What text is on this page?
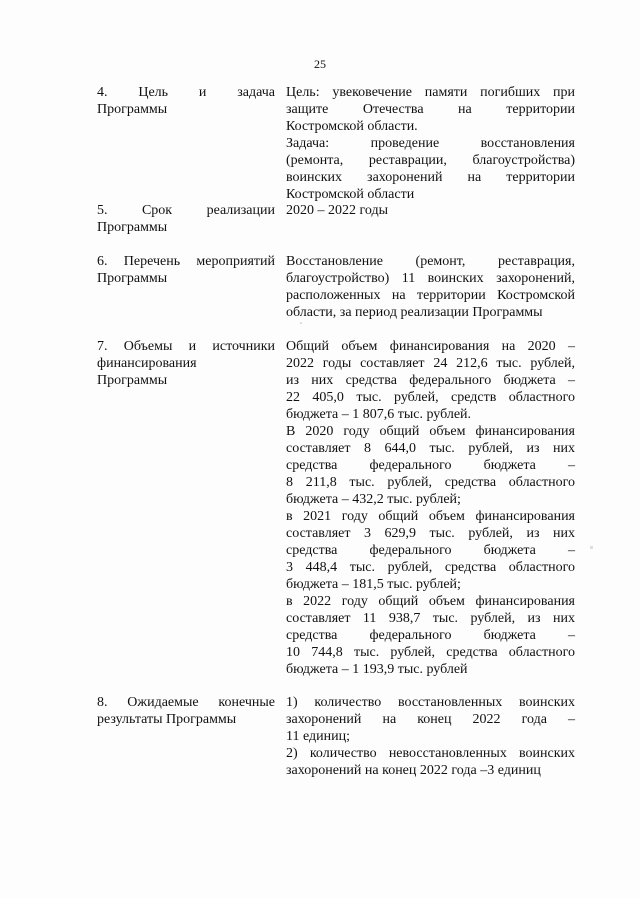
25
4. Цель и задача
Программы
Цель: увековечение памяти погибших при
защите Отечества на территории
Костромской области.
Задача: проведение восстановления
(ремонта, реставрации, благоустройства)
воинских захоронений на территории
Костромской области
5. Срок реализации
Программы
2020 – 2022 годы
6. Перечень мероприятий
Программы
Восстановление (ремонт, реставрация,
благоустройство) 11 воинских захоронений,
расположенных на территории Костромской
области, за период реализации Программы
7. Объемы и источники
финансирования
Программы
Общий объем финансирования на 2020 –
2022 годы составляет 24 212,6 тыс. рублей,
из них средства федерального бюджета –
22 405,0 тыс. рублей, средств областного
бюджета – 1 807,6 тыс. рублей.
В 2020 году общий объем финансирования
составляет 8 644,0 тыс. рублей, из них
средства федерального бюджета –
8 211,8 тыс. рублей, средства областного
бюджета – 432,2 тыс. рублей;
в 2021 году общий объем финансирования
составляет 3 629,9 тыс. рублей, из них
средства федерального бюджета –
3 448,4 тыс. рублей, средства областного
бюджета – 181,5 тыс. рублей;
в 2022 году общий объем финансирования
составляет 11 938,7 тыс. рублей, из них
средства федерального бюджета –
10 744,8 тыс. рублей, средства областного
бюджета – 1 193,9 тыс. рублей
8. Ожидаемые конечные
результаты Программы
1) количество восстановленных воинских
захоронений на конец 2022 года –
11 единиц;
2) количество невосстановленных воинских
захоронений на конец 2022 года –3 единиц
